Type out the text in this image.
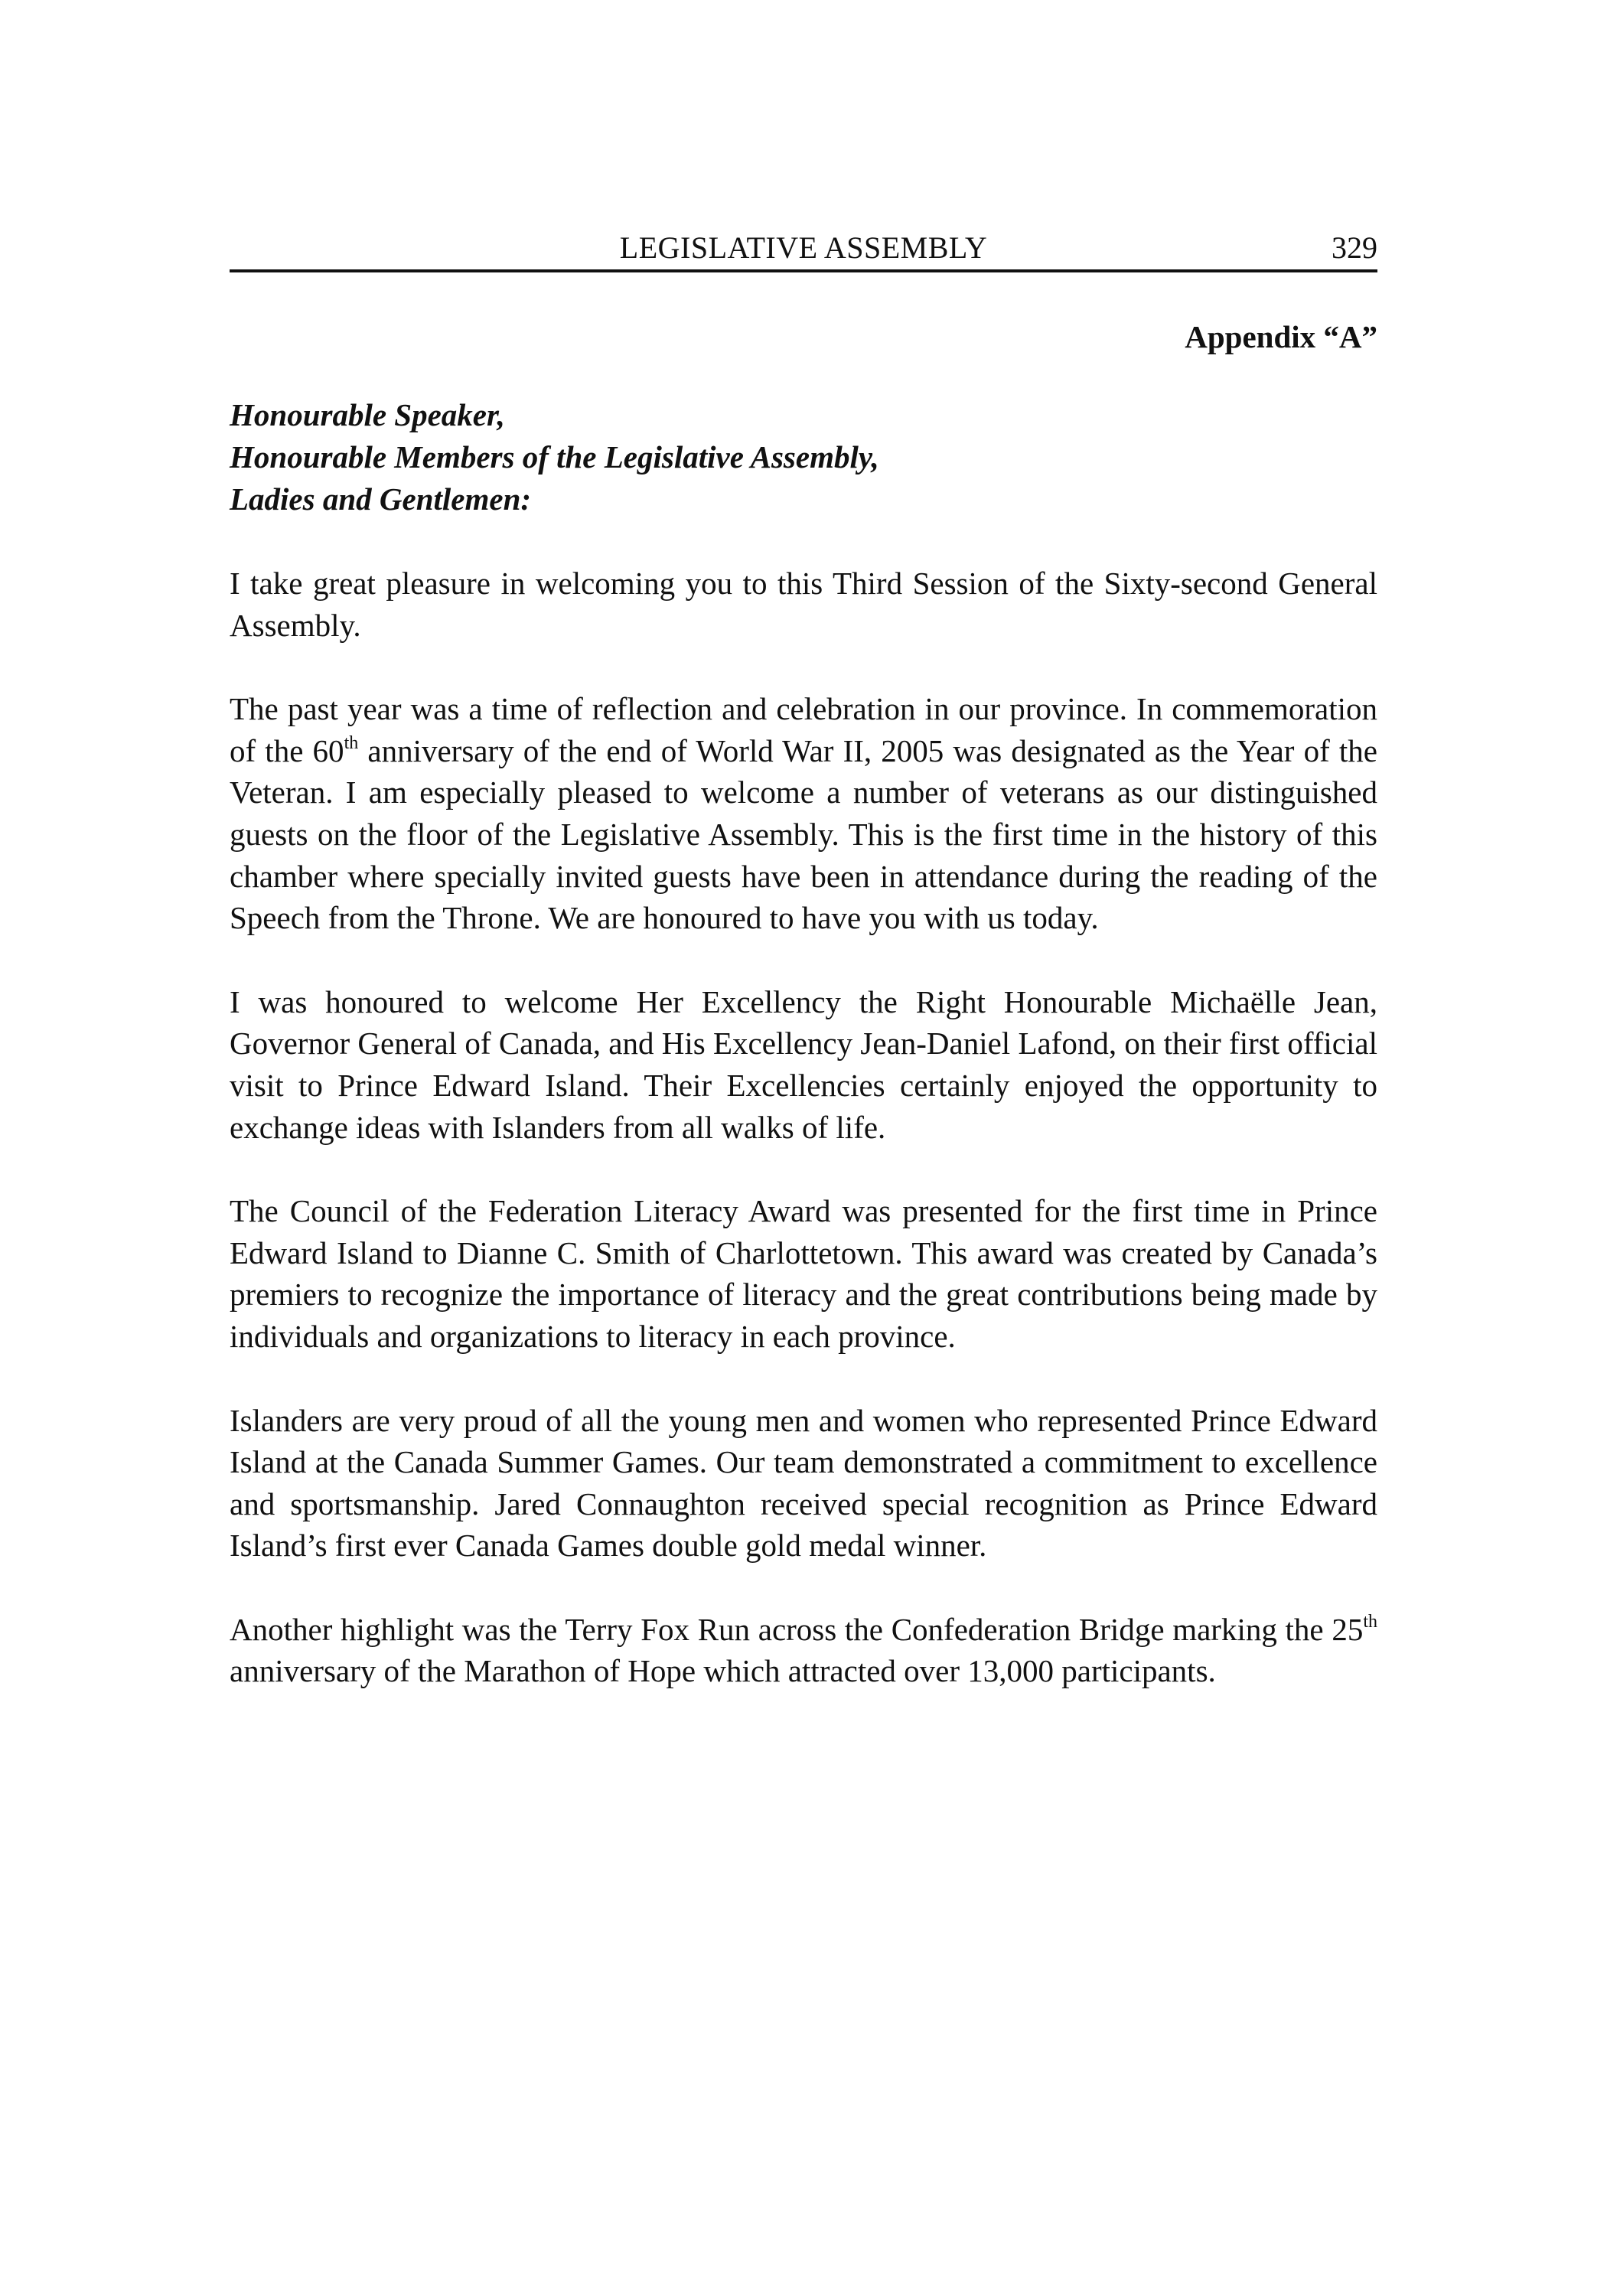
LEGISLATIVE ASSEMBLY	329
Appendix “A”
Honourable Speaker,
Honourable Members of the Legislative Assembly,
Ladies and Gentlemen:

I take great pleasure in welcoming you to this Third Session of the Sixty-second General Assembly.

The past year was a time of reflection and celebration in our province. In commemoration of the 60th anniversary of the end of World War II, 2005 was designated as the Year of the Veteran. I am especially pleased to welcome a number of veterans as our distinguished guests on the floor of the Legislative Assembly. This is the first time in the history of this chamber where specially invited guests have been in attendance during the reading of the Speech from the Throne. We are honoured to have you with us today.

I was honoured to welcome Her Excellency the Right Honourable Michaëlle Jean, Governor General of Canada, and His Excellency Jean-Daniel Lafond, on their first official visit to Prince Edward Island. Their Excellencies certainly enjoyed the opportunity to exchange ideas with Islanders from all walks of life.

The Council of the Federation Literacy Award was presented for the first time in Prince Edward Island to Dianne C. Smith of Charlottetown. This award was created by Canada’s premiers to recognize the importance of literacy and the great contributions being made by individuals and organizations to literacy in each province.

Islanders are very proud of all the young men and women who represented Prince Edward Island at the Canada Summer Games. Our team demonstrated a commitment to excellence and sportsmanship. Jared Connaughton received special recognition as Prince Edward Island’s first ever Canada Games double gold medal winner.

Another highlight was the Terry Fox Run across the Confederation Bridge marking the 25th anniversary of the Marathon of Hope which attracted over 13,000 participants.
